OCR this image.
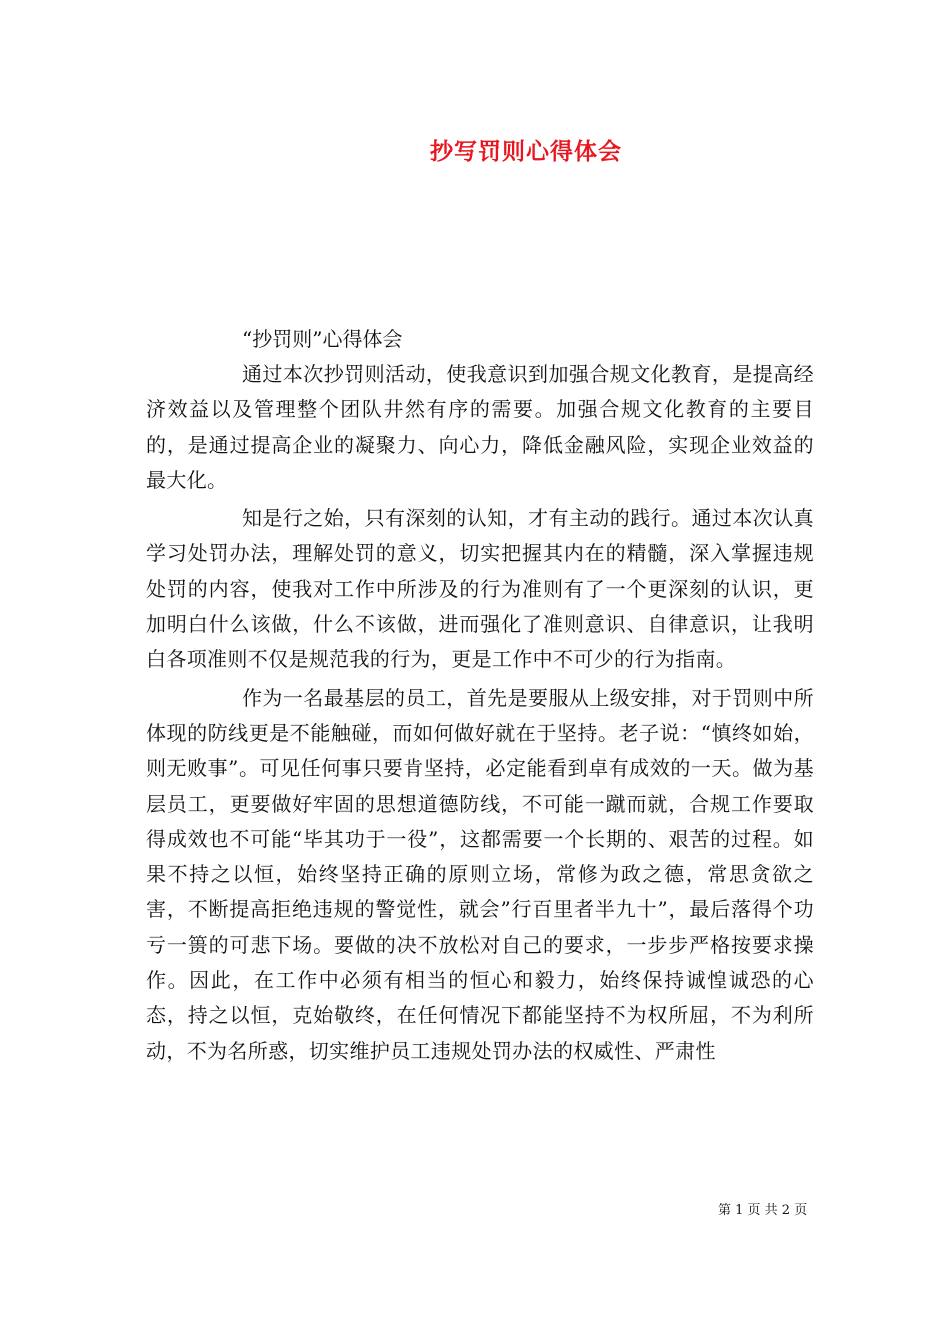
抄写罚则心得体会
“抄罚则”心得体会

通过本次抄罚则活动，使我意识到加强合规文化教育，是提高经济效益以及管理整个团队井然有序的需要。加强合规文化教育的主要目的，是通过提高企业的凝聚力、向心力，降低金融风险，实现企业效益的最大化。

知是行之始，只有深刻的认知，才有主动的践行。通过本次认真学习处罚办法，理解处罚的意义，切实把握其内在的精髓，深入掌握违规处罚的内容，使我对工作中所涉及的行为准则有了一个更深刻的认识，更加明白什么该做，什么不该做，进而强化了准则意识、自律意识，让我明白各项准则不仅是规范我的行为，更是工作中不可少的行为指南。

作为一名最基层的员工，首先是要服从上级安排，对于罚则中所体现的防线更是不能触碰，而如何做好就在于坚持。老子说：“慎终如始，则无败事”。可见任何事只要肯坚持，必定能看到卓有成效的一天。做为基层员工，更要做好牢固的思想道德防线，不可能一蹴而就，合规工作要取得成效也不可能“毕其功于一役”，这都需要一个长期的、艰苦的过程。如果不持之以恒，始终坚持正确的原则立场，常修为政之德，常思贪欲之害，不断提高拒绝违规的警觉性，就会”行百里者半九十”，最后落得个功亏一篑的可悲下场。要做的决不放松对自己的要求，一步步严格按要求操作。因此，在工作中必须有相当的恒心和毅力，始终保持诚惶诚恐的心态，持之以恒，克始敬终，在任何情况下都能坚持不为权所屈，不为利所动，不为名所惑，切实维护员工违规处罚办法的权威性、严肃性

第 1 页 共 2 页
